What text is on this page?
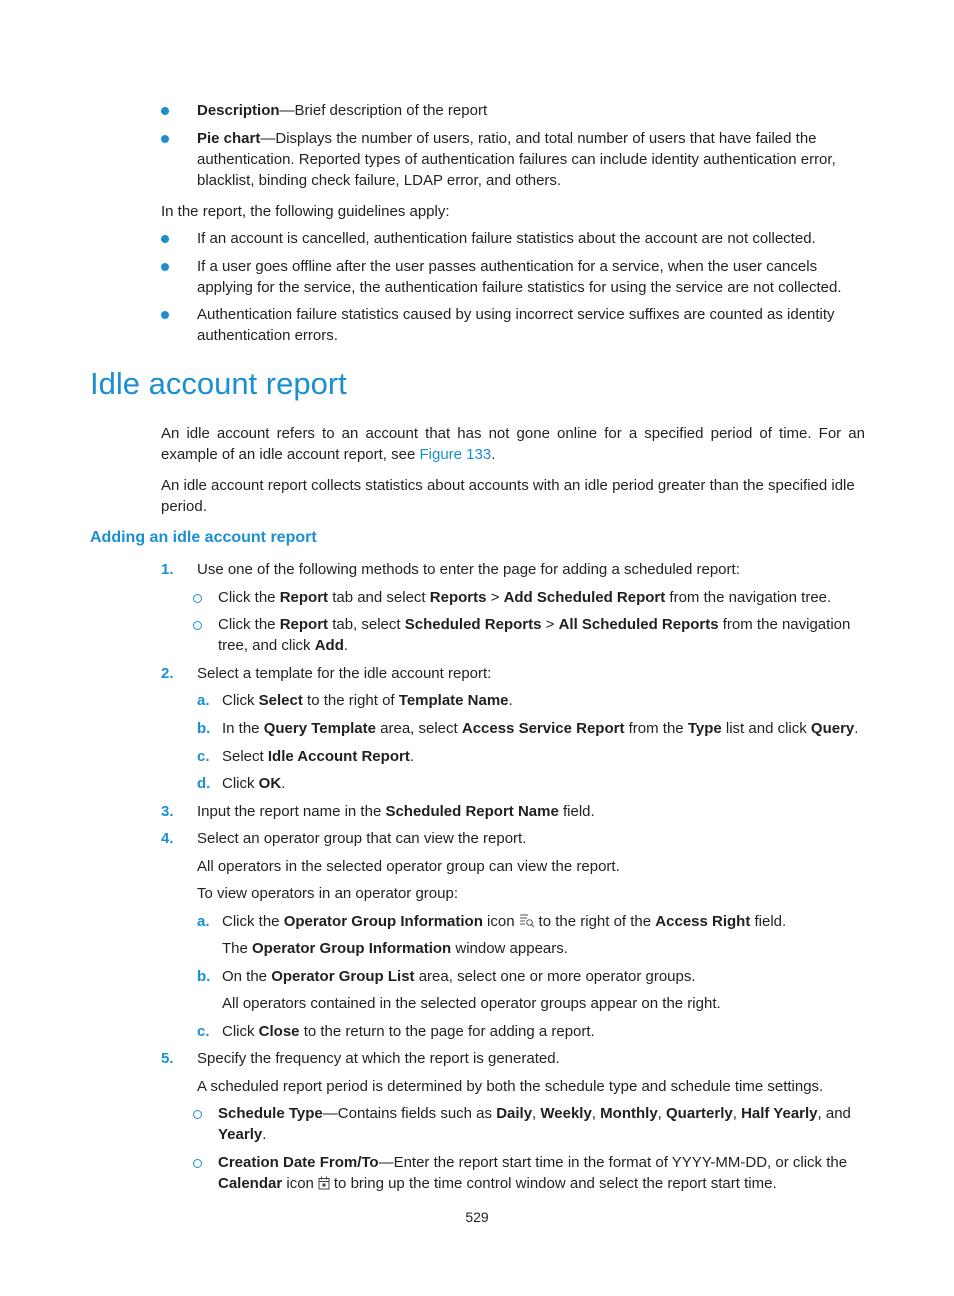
Description—Brief description of the report
Pie chart—Displays the number of users, ratio, and total number of users that have failed the authentication. Reported types of authentication failures can include identity authentication error, blacklist, binding check failure, LDAP error, and others.
In the report, the following guidelines apply:
If an account is cancelled, authentication failure statistics about the account are not collected.
If a user goes offline after the user passes authentication for a service, when the user cancels applying for the service, the authentication failure statistics for using the service are not collected.
Authentication failure statistics caused by using incorrect service suffixes are counted as identity authentication errors.
Idle account report
An idle account refers to an account that has not gone online for a specified period of time. For an example of an idle account report, see Figure 133.
An idle account report collects statistics about accounts with an idle period greater than the specified idle period.
Adding an idle account report
1. Use one of the following methods to enter the page for adding a scheduled report:
Click the Report tab and select Reports > Add Scheduled Report from the navigation tree.
Click the Report tab, select Scheduled Reports > All Scheduled Reports from the navigation tree, and click Add.
2. Select a template for the idle account report:
a. Click Select to the right of Template Name.
b. In the Query Template area, select Access Service Report from the Type list and click Query.
c. Select Idle Account Report.
d. Click OK.
3. Input the report name in the Scheduled Report Name field.
4. Select an operator group that can view the report.
All operators in the selected operator group can view the report.
To view operators in an operator group:
a. Click the Operator Group Information icon to the right of the Access Right field.
The Operator Group Information window appears.
b. On the Operator Group List area, select one or more operator groups.
All operators contained in the selected operator groups appear on the right.
c. Click Close to the return to the page for adding a report.
5. Specify the frequency at which the report is generated.
A scheduled report period is determined by both the schedule type and schedule time settings.
Schedule Type—Contains fields such as Daily, Weekly, Monthly, Quarterly, Half Yearly, and Yearly.
Creation Date From/To—Enter the report start time in the format of YYYY-MM-DD, or click the Calendar icon to bring up the time control window and select the report start time.
529
